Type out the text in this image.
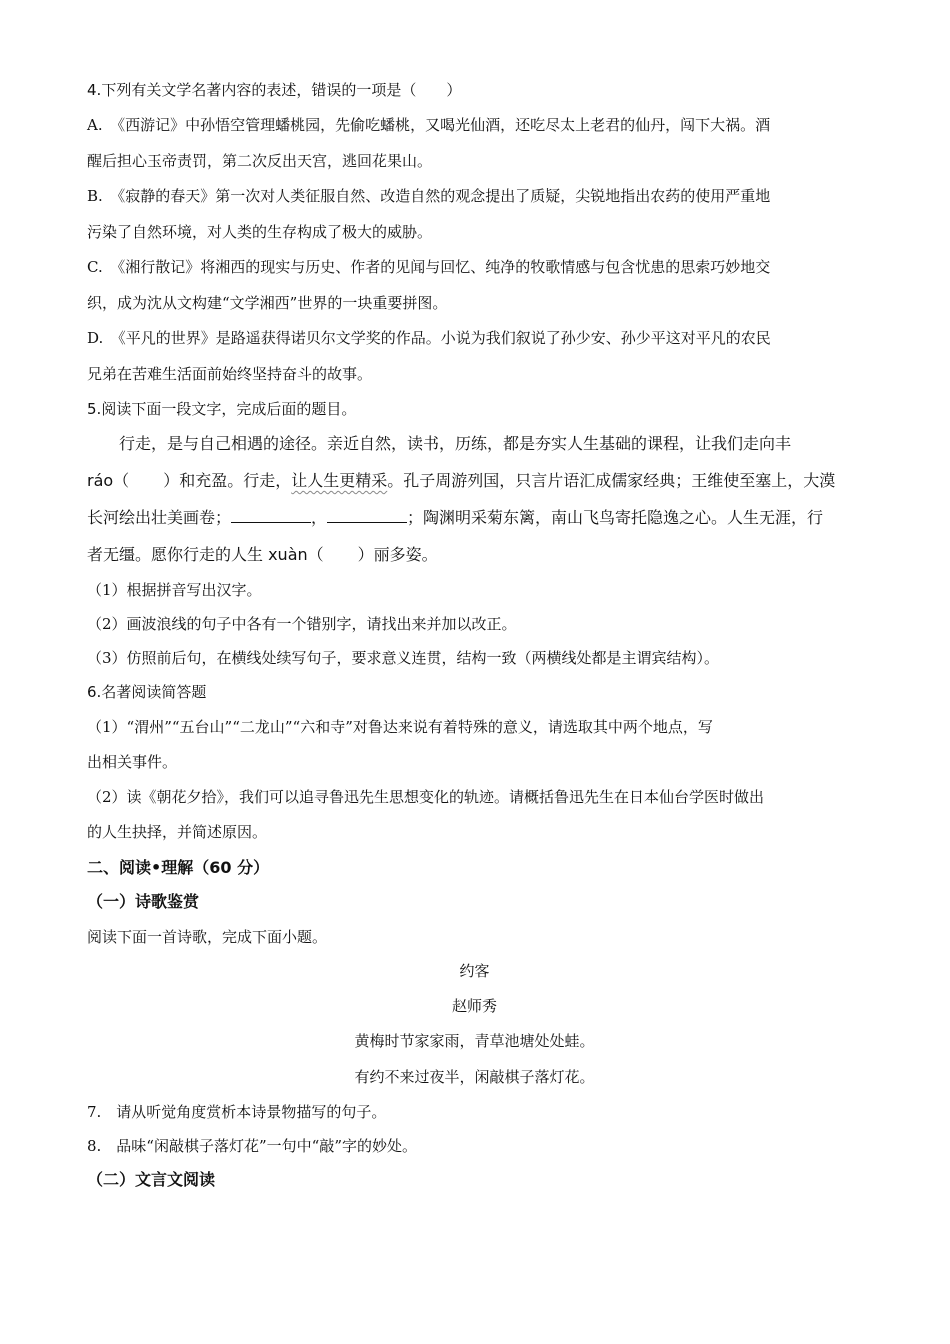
4.下列有关文学名著内容的表述，错误的一项是（　　）
A.　《西游记》中孙悟空管理蟠桃园，先偷吃蟠桃，又喝光仙酒，还吃尽太上老君的仙丹，闯下大祸。酒
醒后担心玉帝责罚，第二次反出天宫，逃回花果山。
B.　《寂静的春天》第一次对人类征服自然、改造自然的观念提出了质疑，尖锐地指出农药的使用严重地
污染了自然环境，对人类的生存构成了极大的威胁。
C.　《湘行散记》将湘西的现实与历史、作者的见闻与回忆、纯净的牧歌情感与包含忧患的思索巧妙地交
织，成为沈从文构建“文学湘西”世界的一块重要拼图。
D.　《平凡的世界》是路遥获得诺贝尔文学奖的作品。小说为我们叙说了孙少安、孙少平这对平凡的农民
兄弟在苦难生活面前始终坚持奋斗的故事。
5.阅读下面一段文字，完成后面的题目。
行走，是与自己相遇的途径。亲近自然，读书，历练，都是夯实人生基础的课程，让我们走向丰
ráo（ ）和充盈。行走，让人生更精采。孔子周游列国，只言片语汇成儒家经典；王维使至塞上，大漠
长河绘出壮美画卷；	，	；陶渊明采菊东篱，南山飞鸟寄托隐逸之心。人生无涯，行
者无缰。愿你行走的人生 xuàn（ ）丽多姿。
（1）根据拼音写出汉字。
（2）画波浪线的句子中各有一个错别字，请找出来并加以改正。
（3）仿照前后句，在横线处续写句子，要求意义连贯，结构一致（两横线处都是主谓宾结构）。
6.名著阅读简答题
（1）“渭州”“五台山”“二龙山”“六和寺”对鲁达来说有着特殊的意义，请选取其中两个地点，写
出相关事件。
（2）读《朝花夕拾》，我们可以追寻鲁迅先生思想变化的轨迹。请概括鲁迅先生在日本仙台学医时做出
的人生抉择，并简述原因。
二、阅读•理解（60 分）
（一）诗歌鉴赏
阅读下面一首诗歌，完成下面小题。
约客
赵师秀
黄梅时节家家雨，青草池塘处处蛙。
有约不来过夜半，闲敲棋子落灯花。
7.　请从听觉角度赏析本诗景物描写的句子。
8.　品味“闲敲棋子落灯花”一句中“敲”字的妙处。
（二）文言文阅读
